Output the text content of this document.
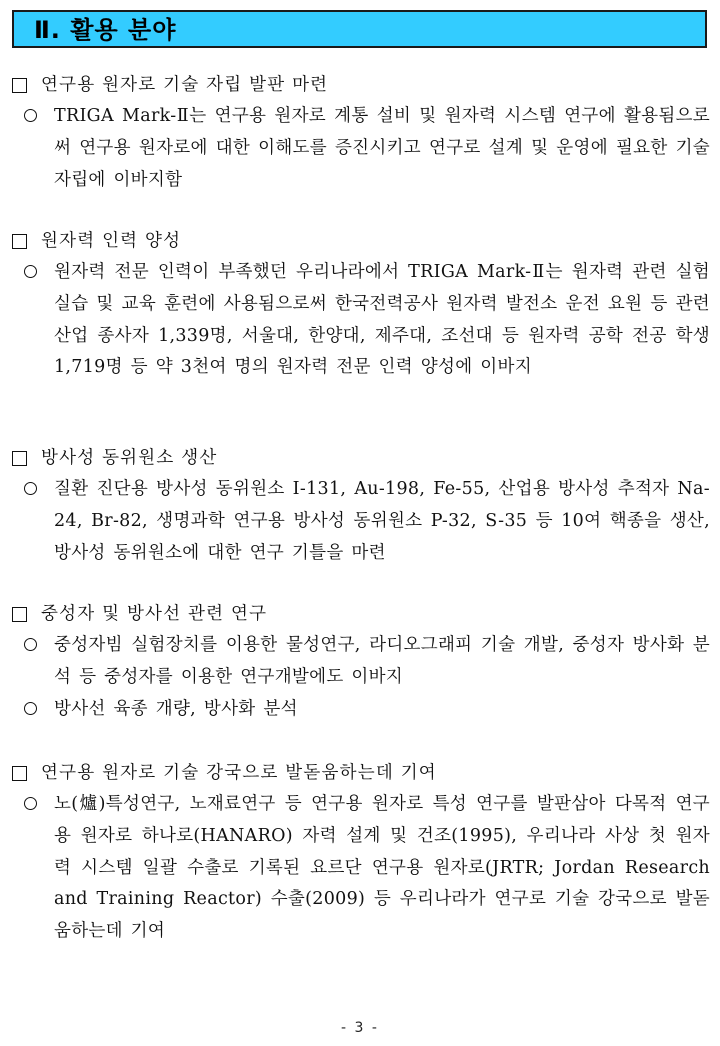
Ⅱ. 활용 분야
연구용 원자로 기술 자립 발판 마련
TRIGA Mark-Ⅱ는 연구용 원자로 계통 설비 및 원자력 시스템 연구에 활용됨으로써 연구용 원자로에 대한 이해도를 증진시키고 연구로 설계 및 운영에 필요한 기술 자립에 이바지함
원자력 인력 양성
원자력 전문 인력이 부족했던 우리나라에서 TRIGA Mark-Ⅱ는 원자력 관련 실험 실습 및 교육 훈련에 사용됨으로써 한국전력공사 원자력 발전소 운전 요원 등 관련 산업 종사자 1,339명, 서울대, 한양대, 제주대, 조선대 등 원자력 공학 전공 학생 1,719명 등 약 3천여 명의 원자력 전문 인력 양성에 이바지
방사성 동위원소 생산
질환 진단용 방사성 동위원소 I-131, Au-198, Fe-55, 산업용 방사성 추적자 Na-24, Br-82, 생명과학 연구용 방사성 동위원소 P-32, S-35 등 10여 핵종을 생산, 방사성 동위원소에 대한 연구 기틀을 마련
중성자 및 방사선 관련 연구
중성자빔 실험장치를 이용한 물성연구, 라디오그래피 기술 개발, 중성자 방사화 분석 등 중성자를 이용한 연구개발에도 이바지
방사선 육종 개량, 방사화 분석
연구용 원자로 기술 강국으로 발돋움하는데 기여
노(爐)특성연구, 노재료연구 등 연구용 원자로 특성 연구를 발판삼아 다목적 연구용 원자로 하나로(HANARO) 자력 설계 및 건조(1995), 우리나라 사상 첫 원자력 시스템 일괄 수출로 기록된 요르단 연구용 원자로(JRTR; Jordan Research and Training Reactor) 수출(2009) 등 우리나라가 연구로 기술 강국으로 발돋움하는데 기여
- 3 -
